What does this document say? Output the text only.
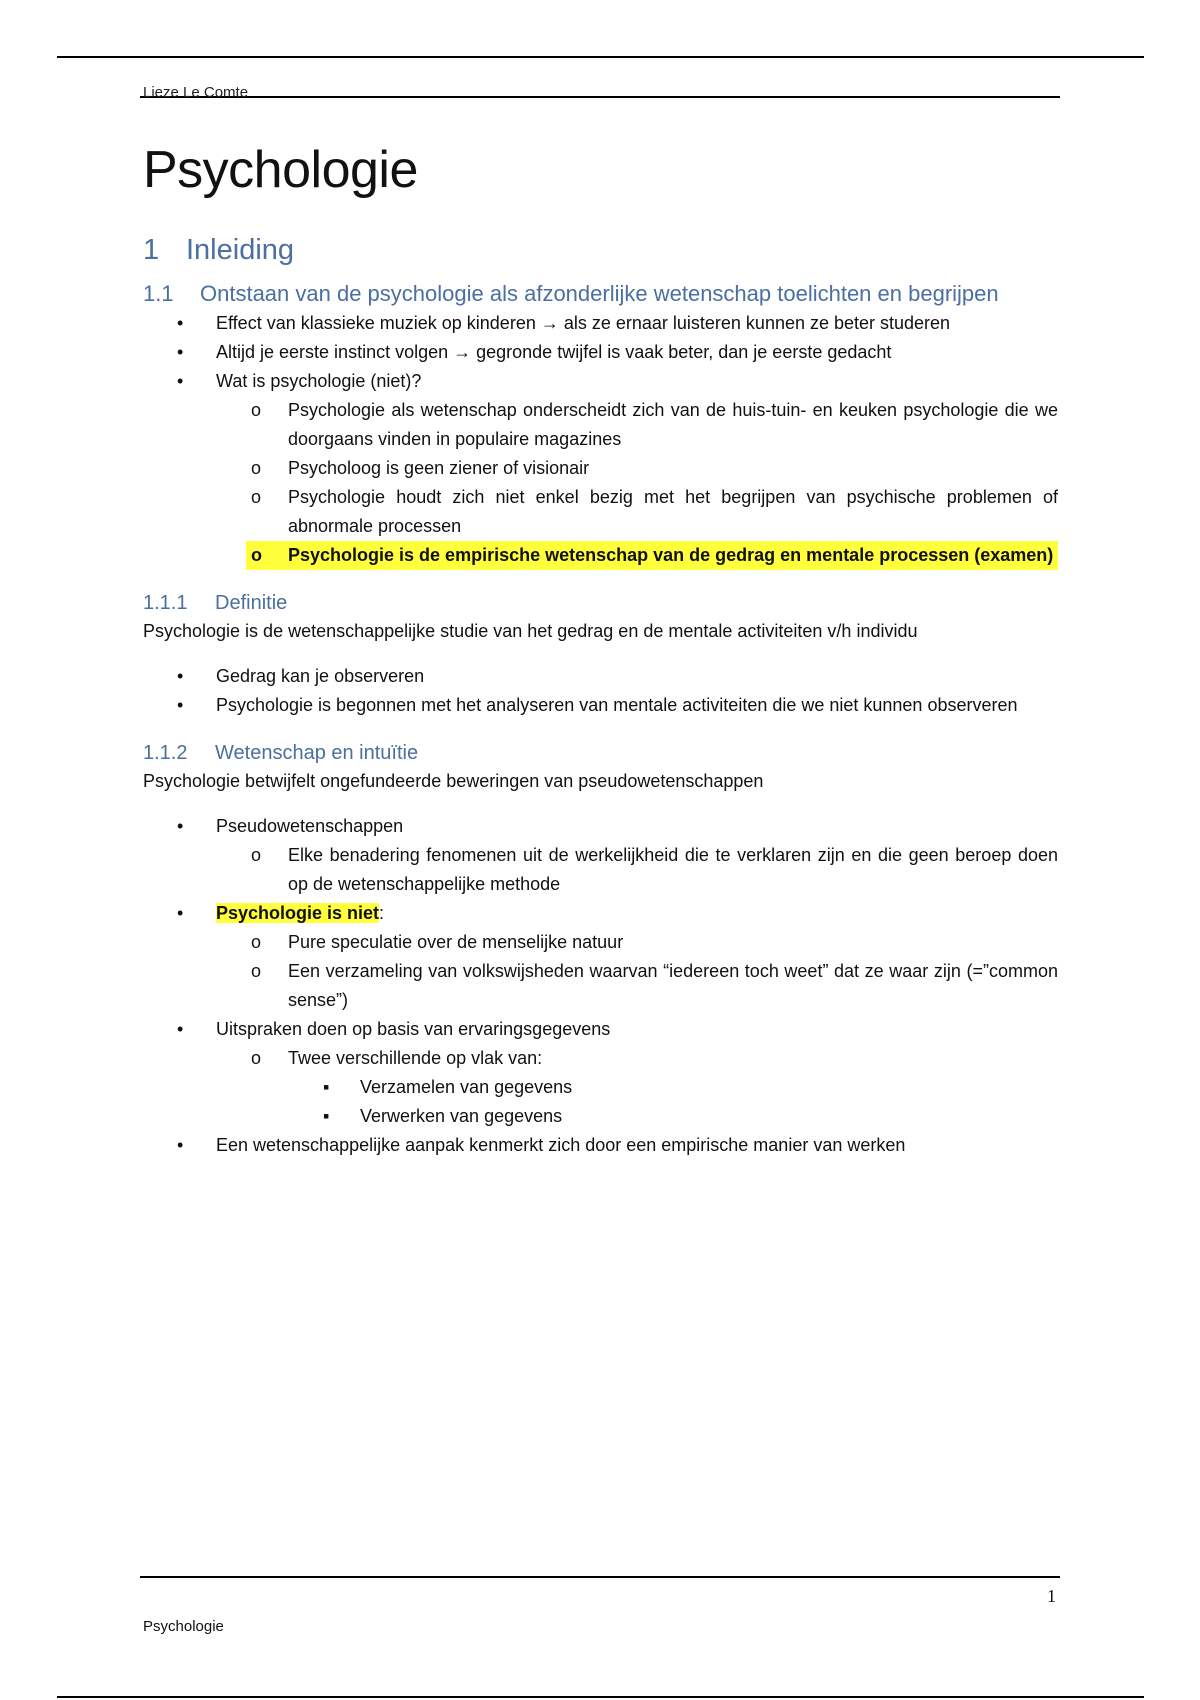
Lieze Le Comte
Psychologie
1 Inleiding
1.1 Ontstaan van de psychologie als afzonderlijke wetenschap toelichten en begrijpen
• Effect van klassieke muziek op kinderen → als ze ernaar luisteren kunnen ze beter studeren
• Altijd je eerste instinct volgen → gegronde twijfel is vaak beter, dan je eerste gedacht
• Wat is psychologie (niet)?
o Psychologie als wetenschap onderscheidt zich van de huis-tuin- en keuken psychologie die we doorgaans vinden in populaire magazines
o Psycholoog is geen ziener of visionair
o Psychologie houdt zich niet enkel bezig met het begrijpen van psychische problemen of abnormale processen
o Psychologie is de empirische wetenschap van de gedrag en mentale processen (examen)
1.1.1 Definitie

Psychologie is de wetenschappelijke studie van het gedrag en de mentale activiteiten v/h individu

• Gedrag kan je observeren
• Psychologie is begonnen met het analyseren van mentale activiteiten die we niet kunnen observeren
1.1.2 Wetenschap en intuïtie

Psychologie betwijfelt ongefundeerde beweringen van pseudowetenschappen

• Pseudowetenschappen
o Elke benadering fenomenen uit de werkelijkheid die te verklaren zijn en die geen beroep doen op de wetenschappelijke methode
• Psychologie is niet:
o Pure speculatie over de menselijke natuur
o Een verzameling van volkswijsheden waarvan “iedereen toch weet” dat ze waar zijn (=”common sense”)
• Uitspraken doen op basis van ervaringsgegevens
o Twee verschillende op vlak van:
▪ Verzamelen van gegevens
▪ Verwerken van gegevens
• Een wetenschappelijke aanpak kenmerkt zich door een empirische manier van werken
1
Psychologie
